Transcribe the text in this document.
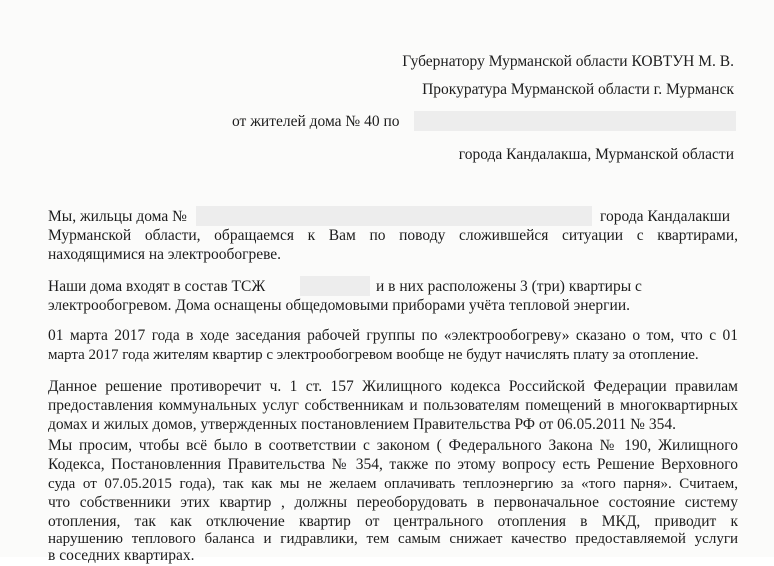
Губернатору Мурманской области КОВТУН М. В.
Прокуратура Мурманской области г. Мурманск
от жителей дома № 40 по
города Кандалакша, Мурманской области
Мы, жильцы дома №	города Кандалакши
Мурманской области, обращаемся к Вам по поводу сложившейся ситуации с квартирами,
находящимися на электрообогреве.
Наши дома входят в состав ТСЖ	и в них расположены 3 (три) квартиры с
электрообогревом. Дома оснащены общедомовыми приборами учёта тепловой энергии.
01 марта 2017 года в ходе заседания рабочей группы по «электрообогреву» сказано о том, что с 01
марта 2017 года жителям квартир с электрообогревом вообще не будут начислять плату за отопление.
Данное решение противоречит ч. 1 ст. 157 Жилищного кодекса Российской Федерации правилам
предоставления коммунальных услуг собственникам и пользователям помещений в многоквартирных
домах и жилых домов, утвержденных постановлением Правительства РФ от 06.05.2011 № 354.
Мы просим, чтобы всё было в соответствии с законом ( Федерального Закона № 190, Жилищного
Кодекса, Постановленния Правительства № 354, также по этому вопросу есть Решение Верховного
суда от 07.05.2015 года), так как мы не желаем оплачивать теплоэнергию за «того парня». Считаем,
что собственники этих квартир , должны переоборудовать в первоначальное состояние систему
отопления, так как отключение квартир от центрального отопления в МКД, приводит к
нарушению теплового баланса и гидравлики, тем самым снижает качество предоставляемой услуги
в соседних квартирах.
